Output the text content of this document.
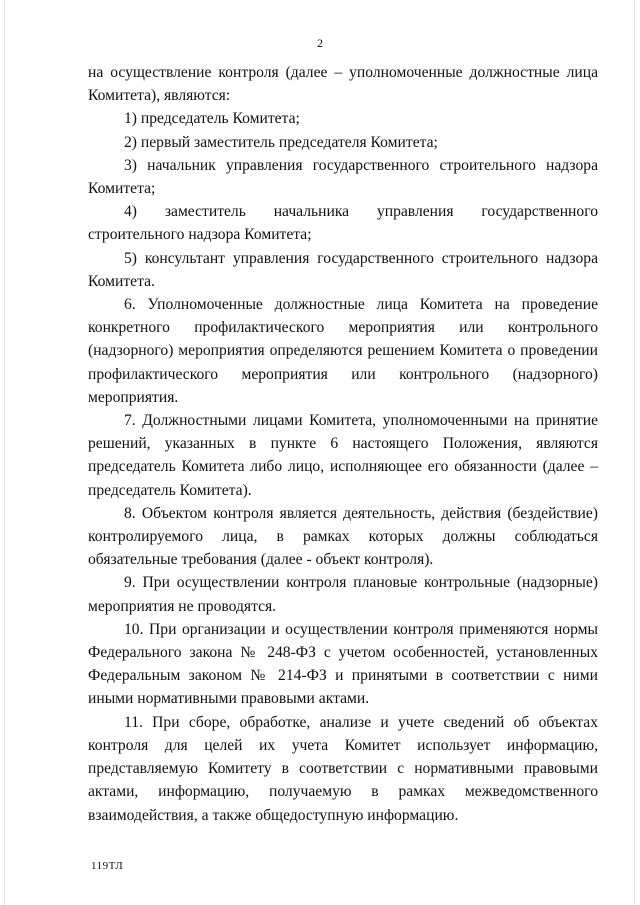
2

на осуществление контроля (далее – уполномоченные должностные лица Комитета), являются:

1) председатель Комитета;

2) первый заместитель председателя Комитета;

3) начальник управления государственного строительного надзора Комитета;

4) заместитель начальника управления государственного строительного надзора Комитета;

5) консультант управления государственного строительного надзора Комитета.

6. Уполномоченные должностные лица Комитета на проведение конкретного профилактического мероприятия или контрольного (надзорного) мероприятия определяются решением Комитета о проведении профилактического мероприятия или контрольного (надзорного) мероприятия.

7. Должностными лицами Комитета, уполномоченными на принятие решений, указанных в пункте 6 настоящего Положения, являются председатель Комитета либо лицо, исполняющее его обязанности (далее – председатель Комитета).

8. Объектом контроля является деятельность, действия (бездействие) контролируемого лица, в рамках которых должны соблюдаться обязательные требования (далее - объект контроля).

9. При осуществлении контроля плановые контрольные (надзорные) мероприятия не проводятся.

10. При организации и осуществлении контроля применяются нормы Федерального закона № 248-ФЗ с учетом особенностей, установленных Федеральным законом № 214-ФЗ и принятыми в соответствии с ними иными нормативными правовыми актами.

11. При сборе, обработке, анализе и учете сведений об объектах контроля для целей их учета Комитет использует информацию, представляемую Комитету в соответствии с нормативными правовыми актами, информацию, получаемую в рамках межведомственного взаимодействия, а также общедоступную информацию.

119ТЛ
